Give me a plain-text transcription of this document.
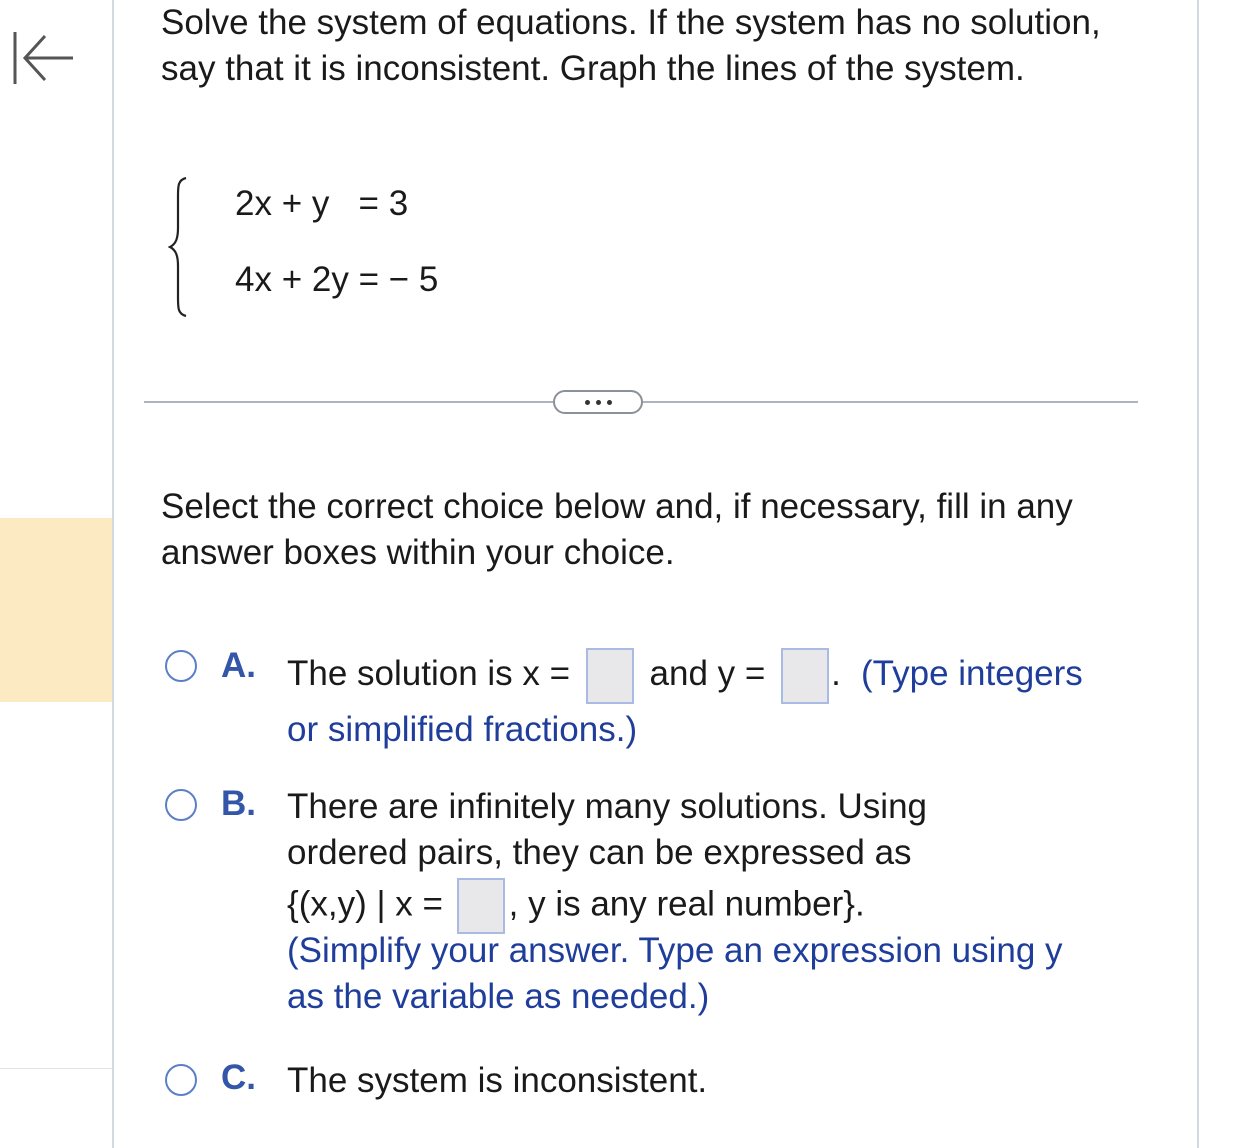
Solve the system of equations. If the system has no solution, say that it is inconsistent. Graph the lines of the system.
2x + y = 3
4x + 2y = − 5
Select the correct choice below and, if necessary, fill in any answer boxes within your choice.
A. The solution is x = and y = . (Type integers or simplified fractions.)
B. There are infinitely many solutions. Using ordered pairs, they can be expressed as
{(x,y) | x = , y is any real number}.
(Simplify your answer. Type an expression using y as the variable as needed.)
C. The system is inconsistent.
